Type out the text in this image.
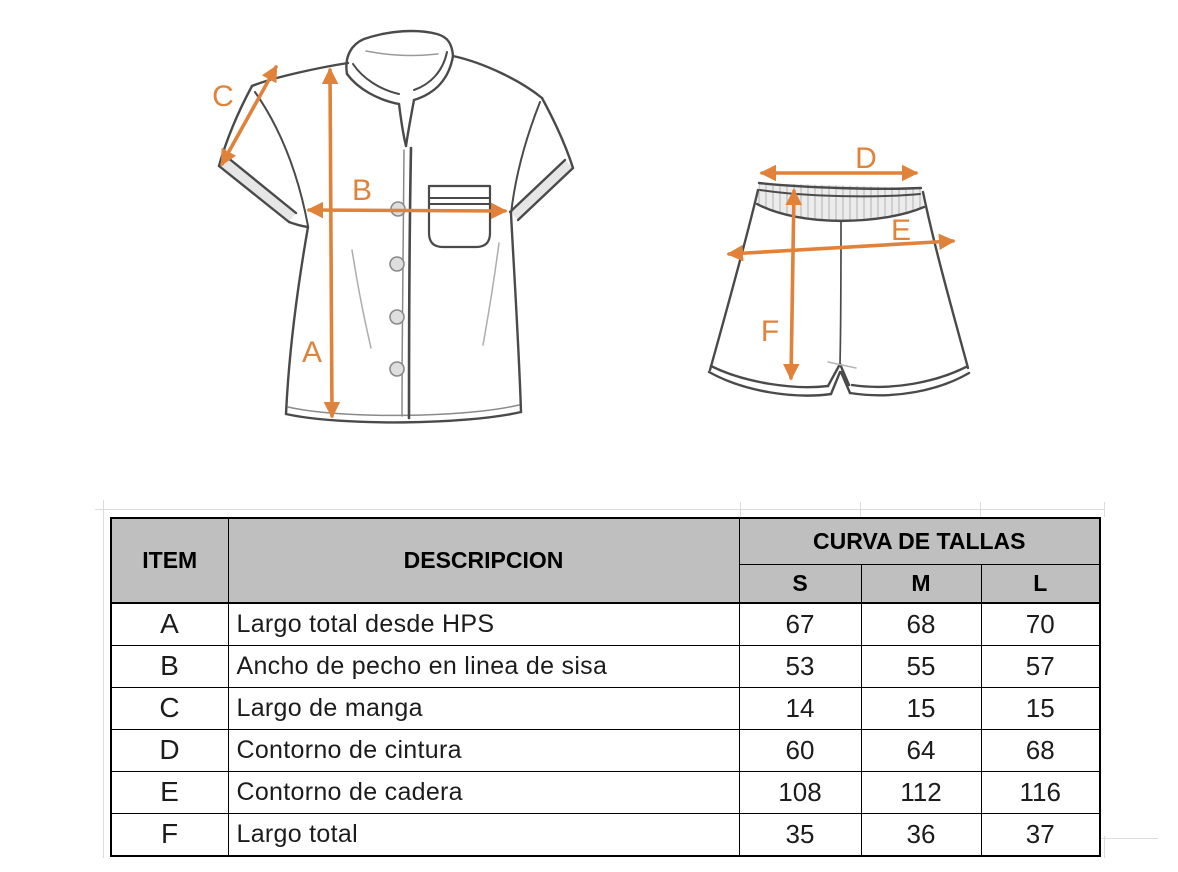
A
B
C
D
E
F
ITEM	DESCRIPCION	CURVA DE TALLAS		
		S	M	L
A	Largo total desde HPS	67	68	70
B	Ancho de pecho en linea de sisa	53	55	57
C	Largo de manga	14	15	15
D	Contorno de cintura	60	64	68
E	Contorno de cadera	108	112	116
F	Largo total	35	36	37
